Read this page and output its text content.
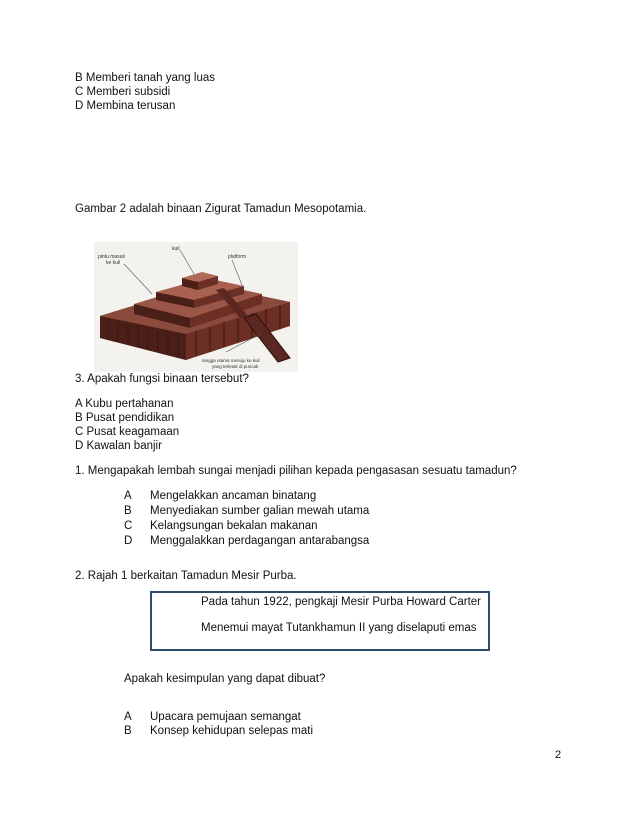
B Memberi tanah yang luas
C Memberi subsidi
D Membina terusan
Gambar 2 adalah binaan Zigurat Tamadun Mesopotamia.
kuil
pintu masuk
ke kuil
platform
tangga utama menuju ke kuil
yang terletak di puncak
3. Apakah fungsi binaan tersebut?
A Kubu pertahanan
B Pusat pendidikan
C Pusat keagamaan
D Kawalan banjir
1. Mengapakah lembah sungai menjadi pilihan kepada pengasasan sesuatu tamadun?
A Mengelakkan ancaman binatang
B Menyediakan sumber galian mewah utama
C Kelangsungan bekalan makanan
D Menggalakkan perdagangan antarabangsa
2. Rajah 1 berkaitan Tamadun Mesir Purba.
Pada tahun 1922, pengkaji Mesir Purba Howard Carter
Menemui mayat Tutankhamun II yang diselaputi emas
Apakah kesimpulan yang dapat dibuat?
A Upacara pemujaan semangat
B Konsep kehidupan selepas mati
2
